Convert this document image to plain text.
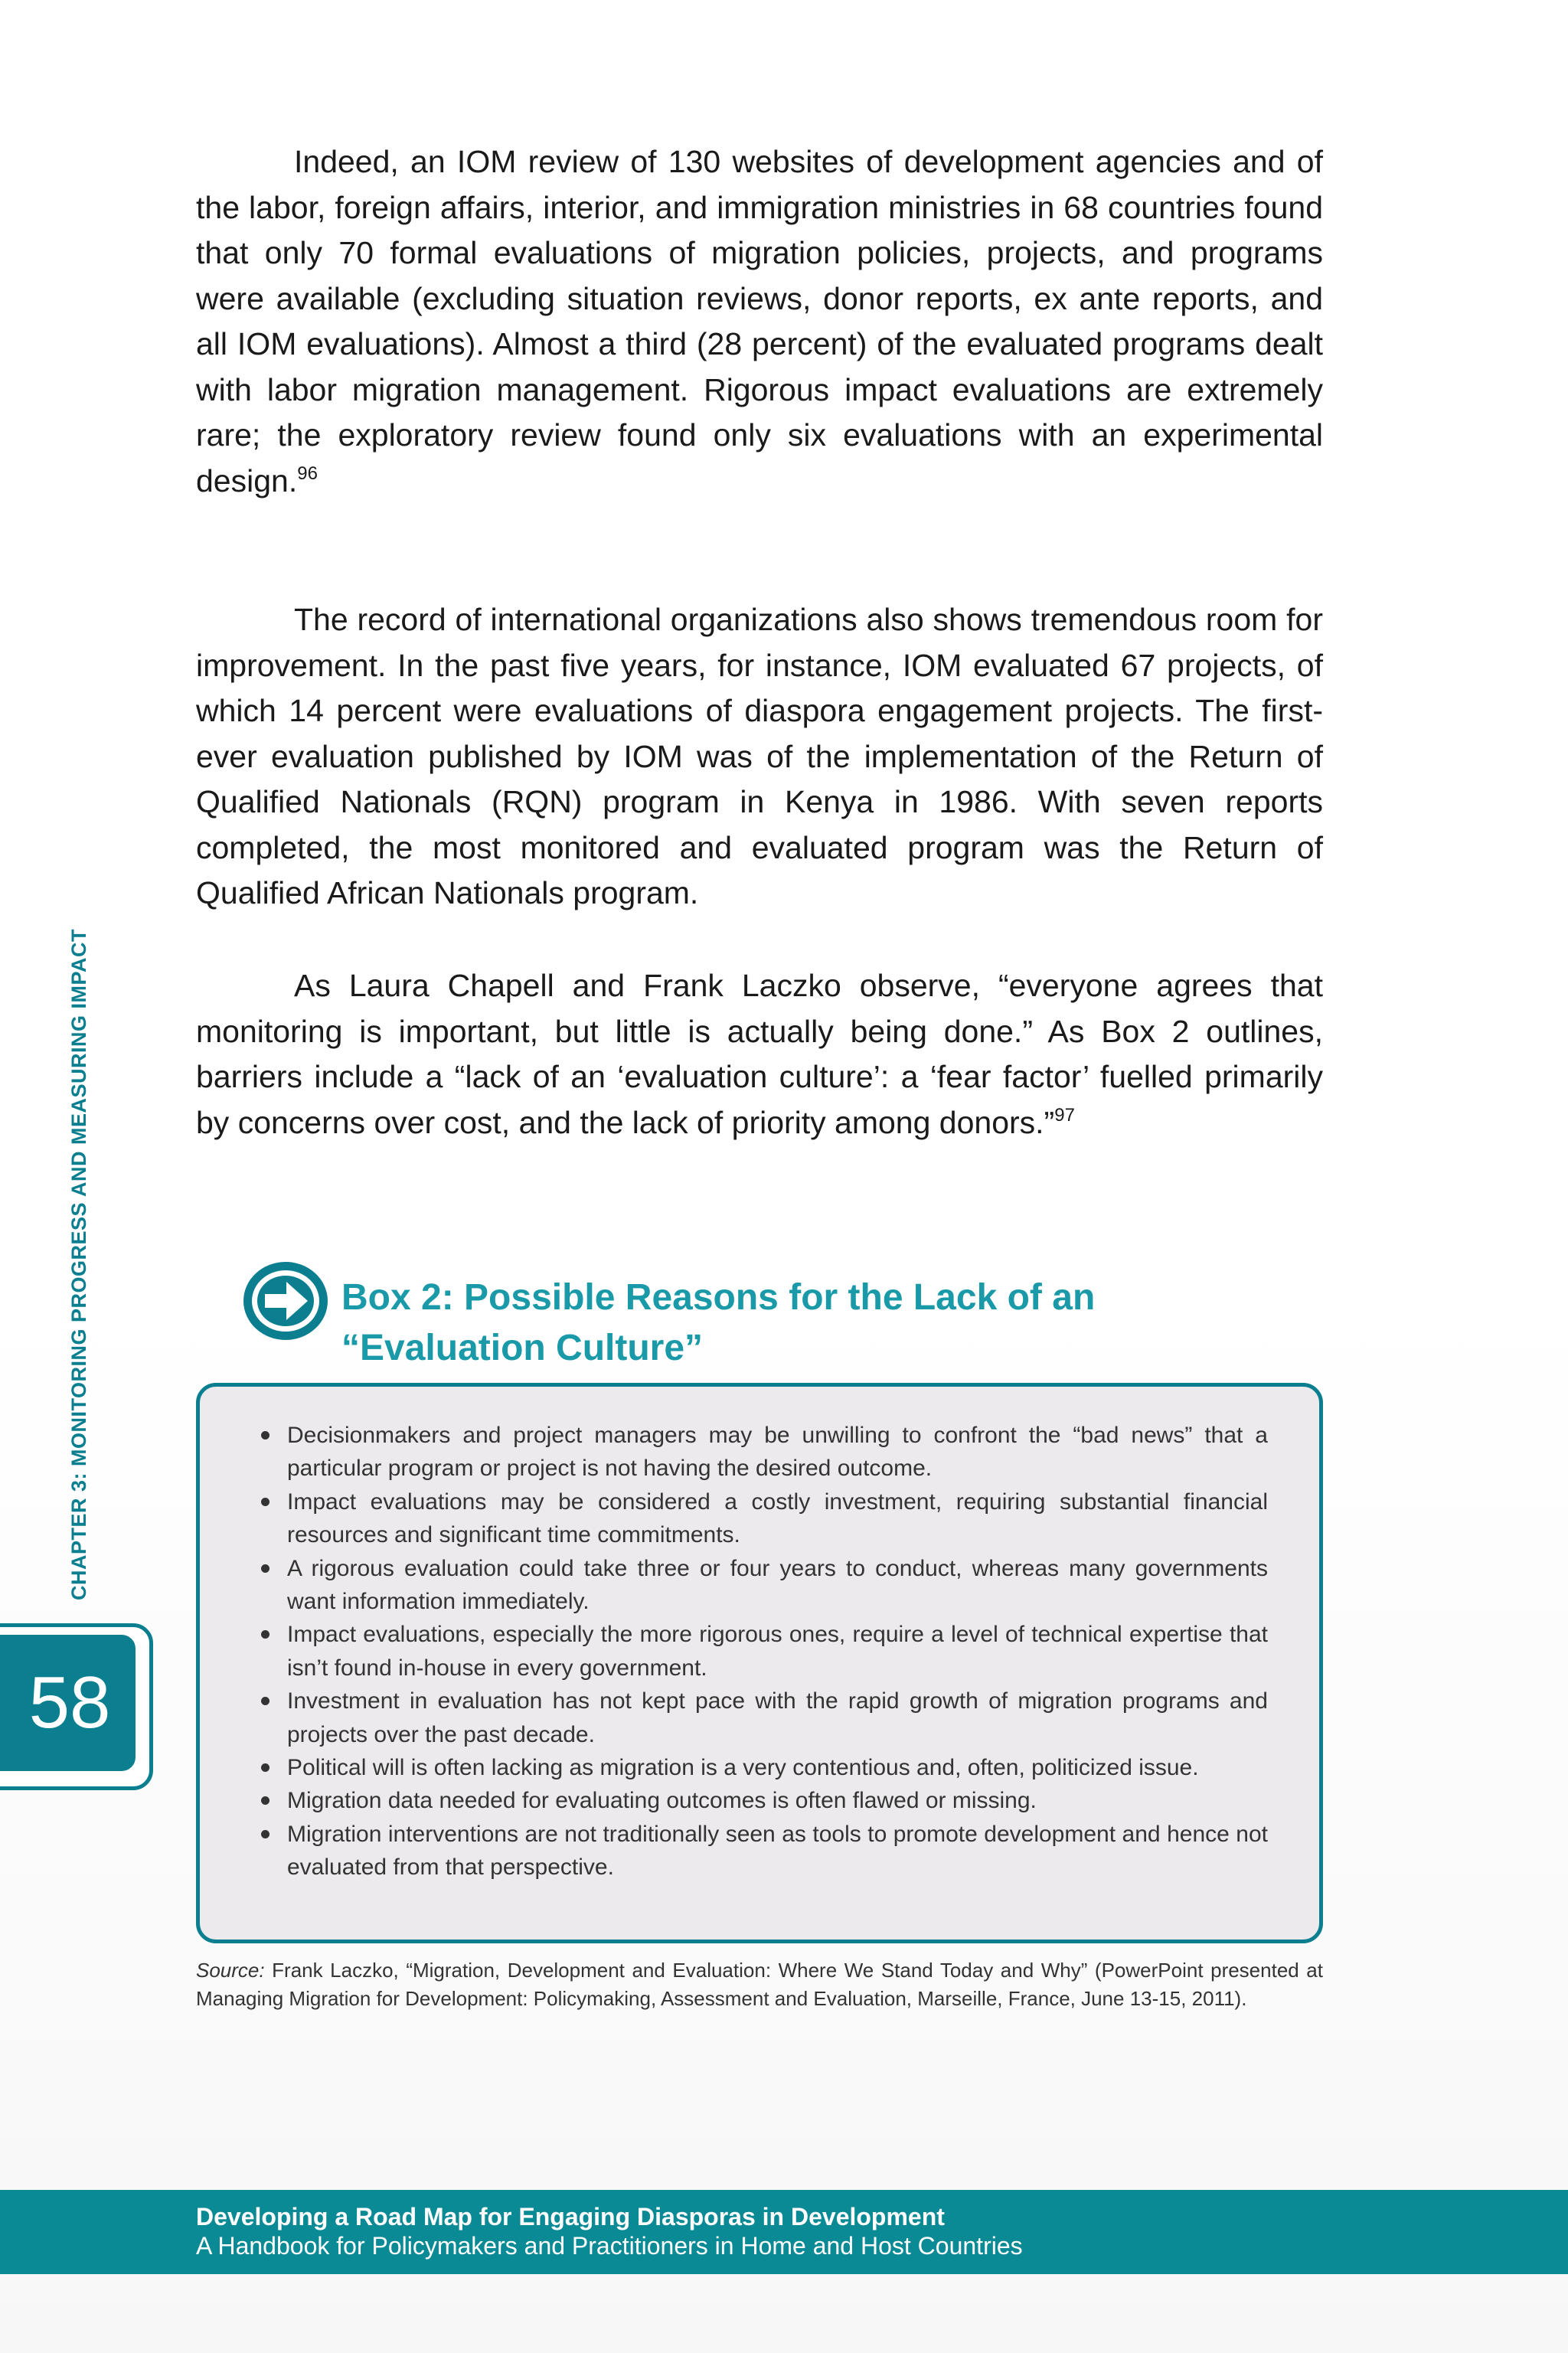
Indeed, an IOM review of 130 websites of development agencies and of the labor, foreign affairs, interior, and immigration ministries in 68 countries found that only 70 formal evaluations of migration policies, projects, and programs were available (excluding situation reviews, donor reports, ex ante reports, and all IOM evaluations). Almost a third (28 percent) of the evaluated programs dealt with labor migration management. Rigorous impact evaluations are extremely rare; the exploratory review found only six evaluations with an experimental design.$^{96}$

The record of international organizations also shows tremendous room for improvement. In the past five years, for instance, IOM evaluated 67 projects, of which 14 percent were evaluations of diaspora engagement projects. The first-ever evaluation published by IOM was of the implementation of the Return of Qualified Nationals (RQN) program in Kenya in 1986. With seven reports completed, the most monitored and evaluated program was the Return of Qualified African Nationals program.

As Laura Chapell and Frank Laczko observe, “everyone agrees that monitoring is important, but little is actually being done.” As Box 2 outlines, barriers include a “lack of an ‘evaluation culture’: a ‘fear factor’ fuelled primarily by concerns over cost, and the lack of priority among donors.”$^{97}$

CHAPTER 3: MONITORING PROGRESS AND MEASURING IMPACT
58
Box 2: Possible Reasons for the Lack of an “Evaluation Culture”
Decisionmakers and project managers may be unwilling to confront the “bad news” that a particular program or project is not having the desired outcome.
Impact evaluations may be considered a costly investment, requiring substantial financial resources and significant time commitments.
A rigorous evaluation could take three or four years to conduct, whereas many governments want information immediately.
Impact evaluations, especially the more rigorous ones, require a level of technical expertise that isn’t found in-house in every government.
Investment in evaluation has not kept pace with the rapid growth of migration programs and projects over the past decade.
Political will is often lacking as migration is a very contentious and, often, politicized issue.
Migration data needed for evaluating outcomes is often flawed or missing.
Migration interventions are not traditionally seen as tools to promote development and hence not evaluated from that perspective.
Source: Frank Laczko, “Migration, Development and Evaluation: Where We Stand Today and Why” (PowerPoint presented at Managing Migration for Development: Policymaking, Assessment and Evaluation, Marseille, France, June 13-15, 2011).
Developing a Road Map for Engaging Diasporas in Development
A Handbook for Policymakers and Practitioners in Home and Host Countries
